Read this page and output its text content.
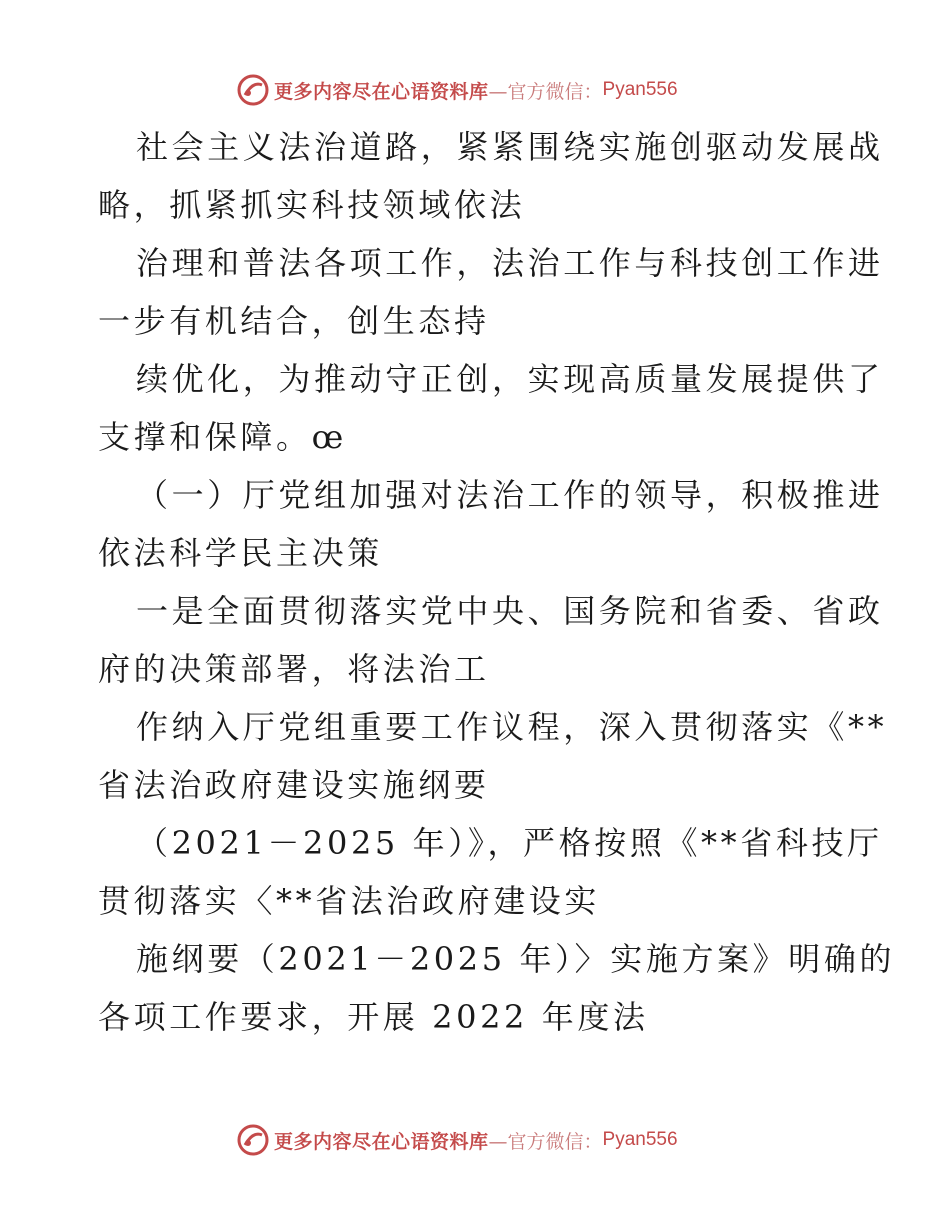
更多内容尽在心语资料库 —官方微信： Pyan556
社会主义法治道路，紧紧围绕实施创驱动发展战
略，抓紧抓实科技领域依法
治理和普法各项工作，法治工作与科技创工作进
一步有机结合，创生态持
续优化，为推动守正创，实现高质量发展提供了
支撑和保障。œ
（一）厅党组加强对法治工作的领导，积极推进
依法科学民主决策
一是全面贯彻落实党中央、国务院和省委、省政
府的决策部署，将法治工
作纳入厅党组重要工作议程，深入贯彻落实《**
省法治政府建设实施纲要
（2021－2025 年）》，严格按照《**省科技厅
贯彻落实〈**省法治政府建设实
施纲要（2021－2025 年）〉实施方案》明确的
各项工作要求，开展 2022 年度法
更多内容尽在心语资料库 —官方微信： Pyan556
